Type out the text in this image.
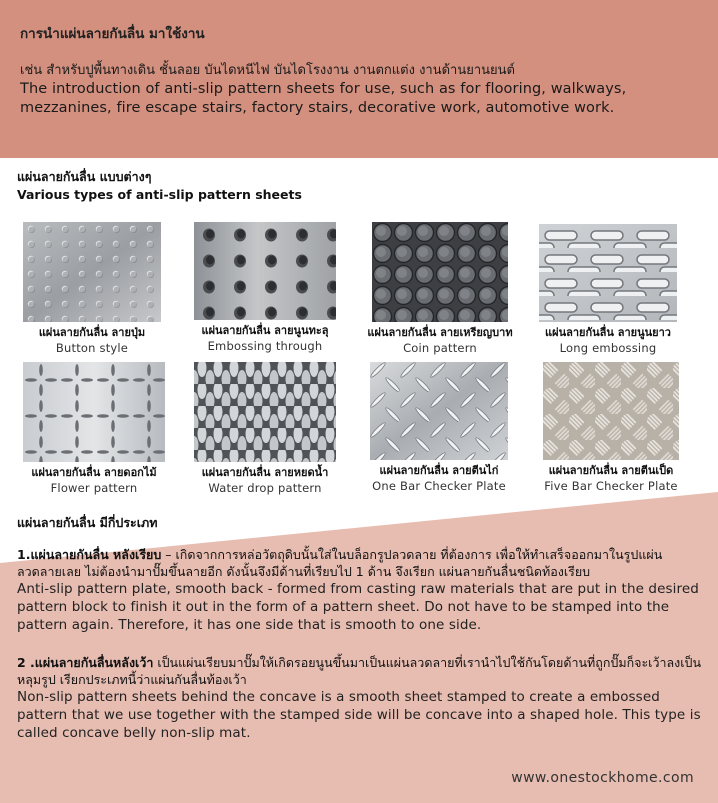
การนำแผ่นลายกันลื่น มาใช้งาน
เช่น สำหรับปูพื้นทางเดิน ชั้นลอย บันไดหนีไฟ บันไดโรงงาน งานตกแต่ง งานด้านยานยนต์
The introduction of anti-slip pattern sheets for use, such as for flooring, walkways, mezzanines, fire escape stairs, factory stairs, decorative work, automotive work.
แผ่นลายกันลื่น แบบต่างๆ
Various types of anti-slip pattern sheets
แผ่นลายกันลื่น ลายปุ่ม
Button style
แผ่นลายกันลื่น ลายนูนทะลุ
Embossing through
แผ่นลายกันลื่น ลายเหรียญบาท
Coin pattern
แผ่นลายกันลื่น ลายนูนยาว
Long embossing
แผ่นลายกันลื่น ลายดอกไม้
Flower pattern
แผ่นลายกันลื่น ลายหยดน้ำ
Water drop pattern
แผ่นลายกันลื่น ลายตีนไก่
One Bar Checker Plate
แผ่นลายกันลื่น ลายตีนเป็ด
Five Bar Checker Plate
แผ่นลายกันลื่น มีกี่ประเภท
1.แผ่นลายกันลื่น หลังเรียบ – เกิดจากการหล่อวัตถุดิบนั้นใส่ในบล็อกรูปลวดลาย ที่ต้องการ เพื่อให้ทำเสร็จออกมาในรูปแผ่นลวดลายเลย ไม่ต้องนำมาปั๊มขึ้นลายอีก ดังนั้นจึงมีด้านที่เรียบไป 1 ด้าน จึงเรียก แผ่นลายกันลื่นชนิดท้องเรียบ
Anti-slip pattern plate, smooth back - formed from casting raw materials that are put in the desired pattern block to finish it out in the form of a pattern sheet. Do not have to be stamped into the pattern again. Therefore, it has one side that is smooth to one side.
2 .แผ่นลายกันลื่นหลังเว้า เป็นแผ่นเรียบมาปั๊มให้เกิดรอยนูนขึ้นมาเป็นแผ่นลวดลายที่เรานำไปใช้กันโดยด้านที่ถูกปั๊มก็จะเว้าลงเป็นหลุมรูป เรียกประเภทนี้ว่าแผ่นกันลื่นท้องเว้า
Non-slip pattern sheets behind the concave is a smooth sheet stamped to create a embossed pattern that we use together with the stamped side will be concave into a shaped hole. This type is called concave belly non-slip mat.
www.onestockhome.com
